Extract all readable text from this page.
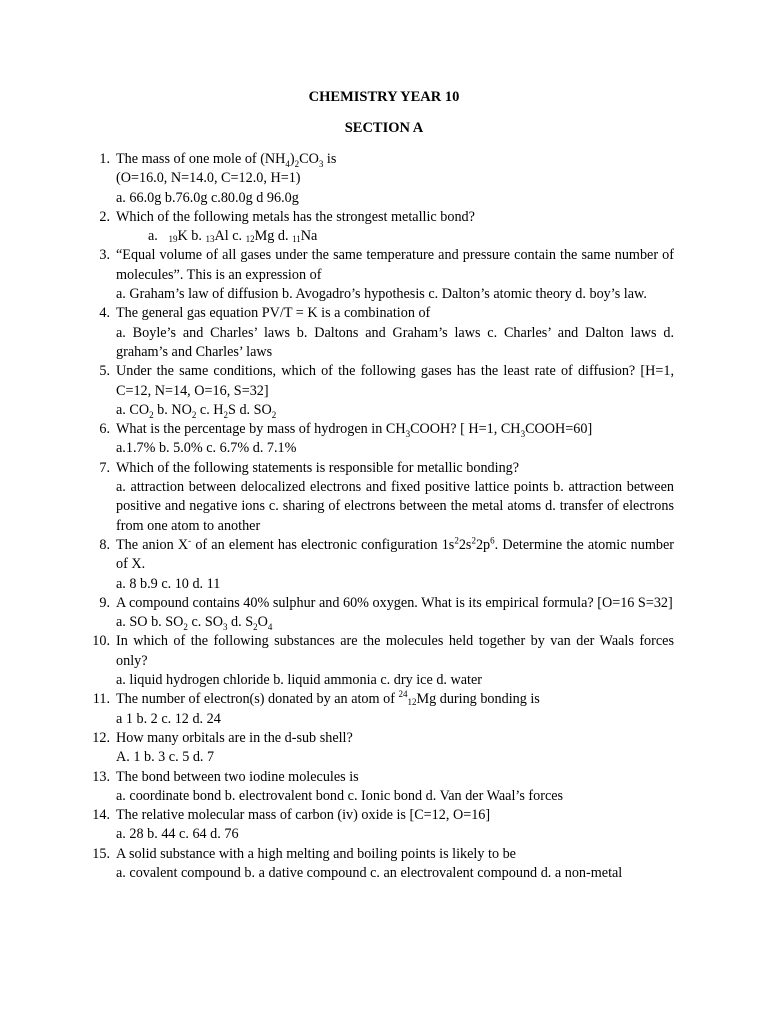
CHEMISTRY YEAR 10
SECTION A
1. The mass of one mole of $(NH_4)_2CO_3$ is
(O=16.0, N=14.0, C=12.0, H=1)
a. 66.0g b.76.0g c.80.0g d 96.0g
2. Which of the following metals has the strongest metallic bond?
a. 19K b. 13Al c. 12Mg d. 11Na
3. “Equal volume of all gases under the same temperature and pressure contain the same number of molecules”. This is an expression of
a. Graham’s law of diffusion b. Avogadro’s hypothesis c. Dalton’s atomic theory d. boy’s law.
4. The general gas equation PV/T = K is a combination of
a. Boyle’s and Charles’ laws b. Daltons and Graham’s laws c. Charles’ and Dalton laws d. graham’s and Charles’ laws
5. Under the same conditions, which of the following gases has the least rate of diffusion? [H=1, C=12, N=14, O=16, S=32]
a. $CO_2$ b. $NO_2$ c. $H_2S$ d. $SO_2$
6. What is the percentage by mass of hydrogen in $CH_3COOH$? [ H=1, $CH_3COOH=60$]
a.1.7% b. 5.0% c. 6.7% d. 7.1%
7. Which of the following statements is responsible for metallic bonding?
a. attraction between delocalized electrons and fixed positive lattice points b. attraction between positive and negative ions c. sharing of electrons between the metal atoms d. transfer of electrons from one atom to another
8. The anion X- of an element has electronic configuration $1s^22s^22p^6$. Determine the atomic number of X.
a. 8 b.9 c. 10 d. 11
9. A compound contains 40% sulphur and 60% oxygen. What is its empirical formula? [O=16 S=32]
a. SO b. $SO_2$ c. $SO_3$ d. $S_2O_4$
10. In which of the following substances are the molecules held together by van der Waals forces only?
a. liquid hydrogen chloride b. liquid ammonia c. dry ice d. water
11. The number of electron(s) donated by an atom of $^{24}$12Mg during bonding is
a 1 b. 2 c. 12 d. 24
12. How many orbitals are in the d-sub shell?
A. 1 b. 3 c. 5 d. 7
13. The bond between two iodine molecules is
a. coordinate bond b. electrovalent bond c. Ionic bond d. Van der Waal’s forces
14. The relative molecular mass of carbon (iv) oxide is [C=12, O=16]
a. 28 b. 44 c. 64 d. 76
15. A solid substance with a high melting and boiling points is likely to be
a. covalent compound b. a dative compound c. an electrovalent compound d. a non-metal
